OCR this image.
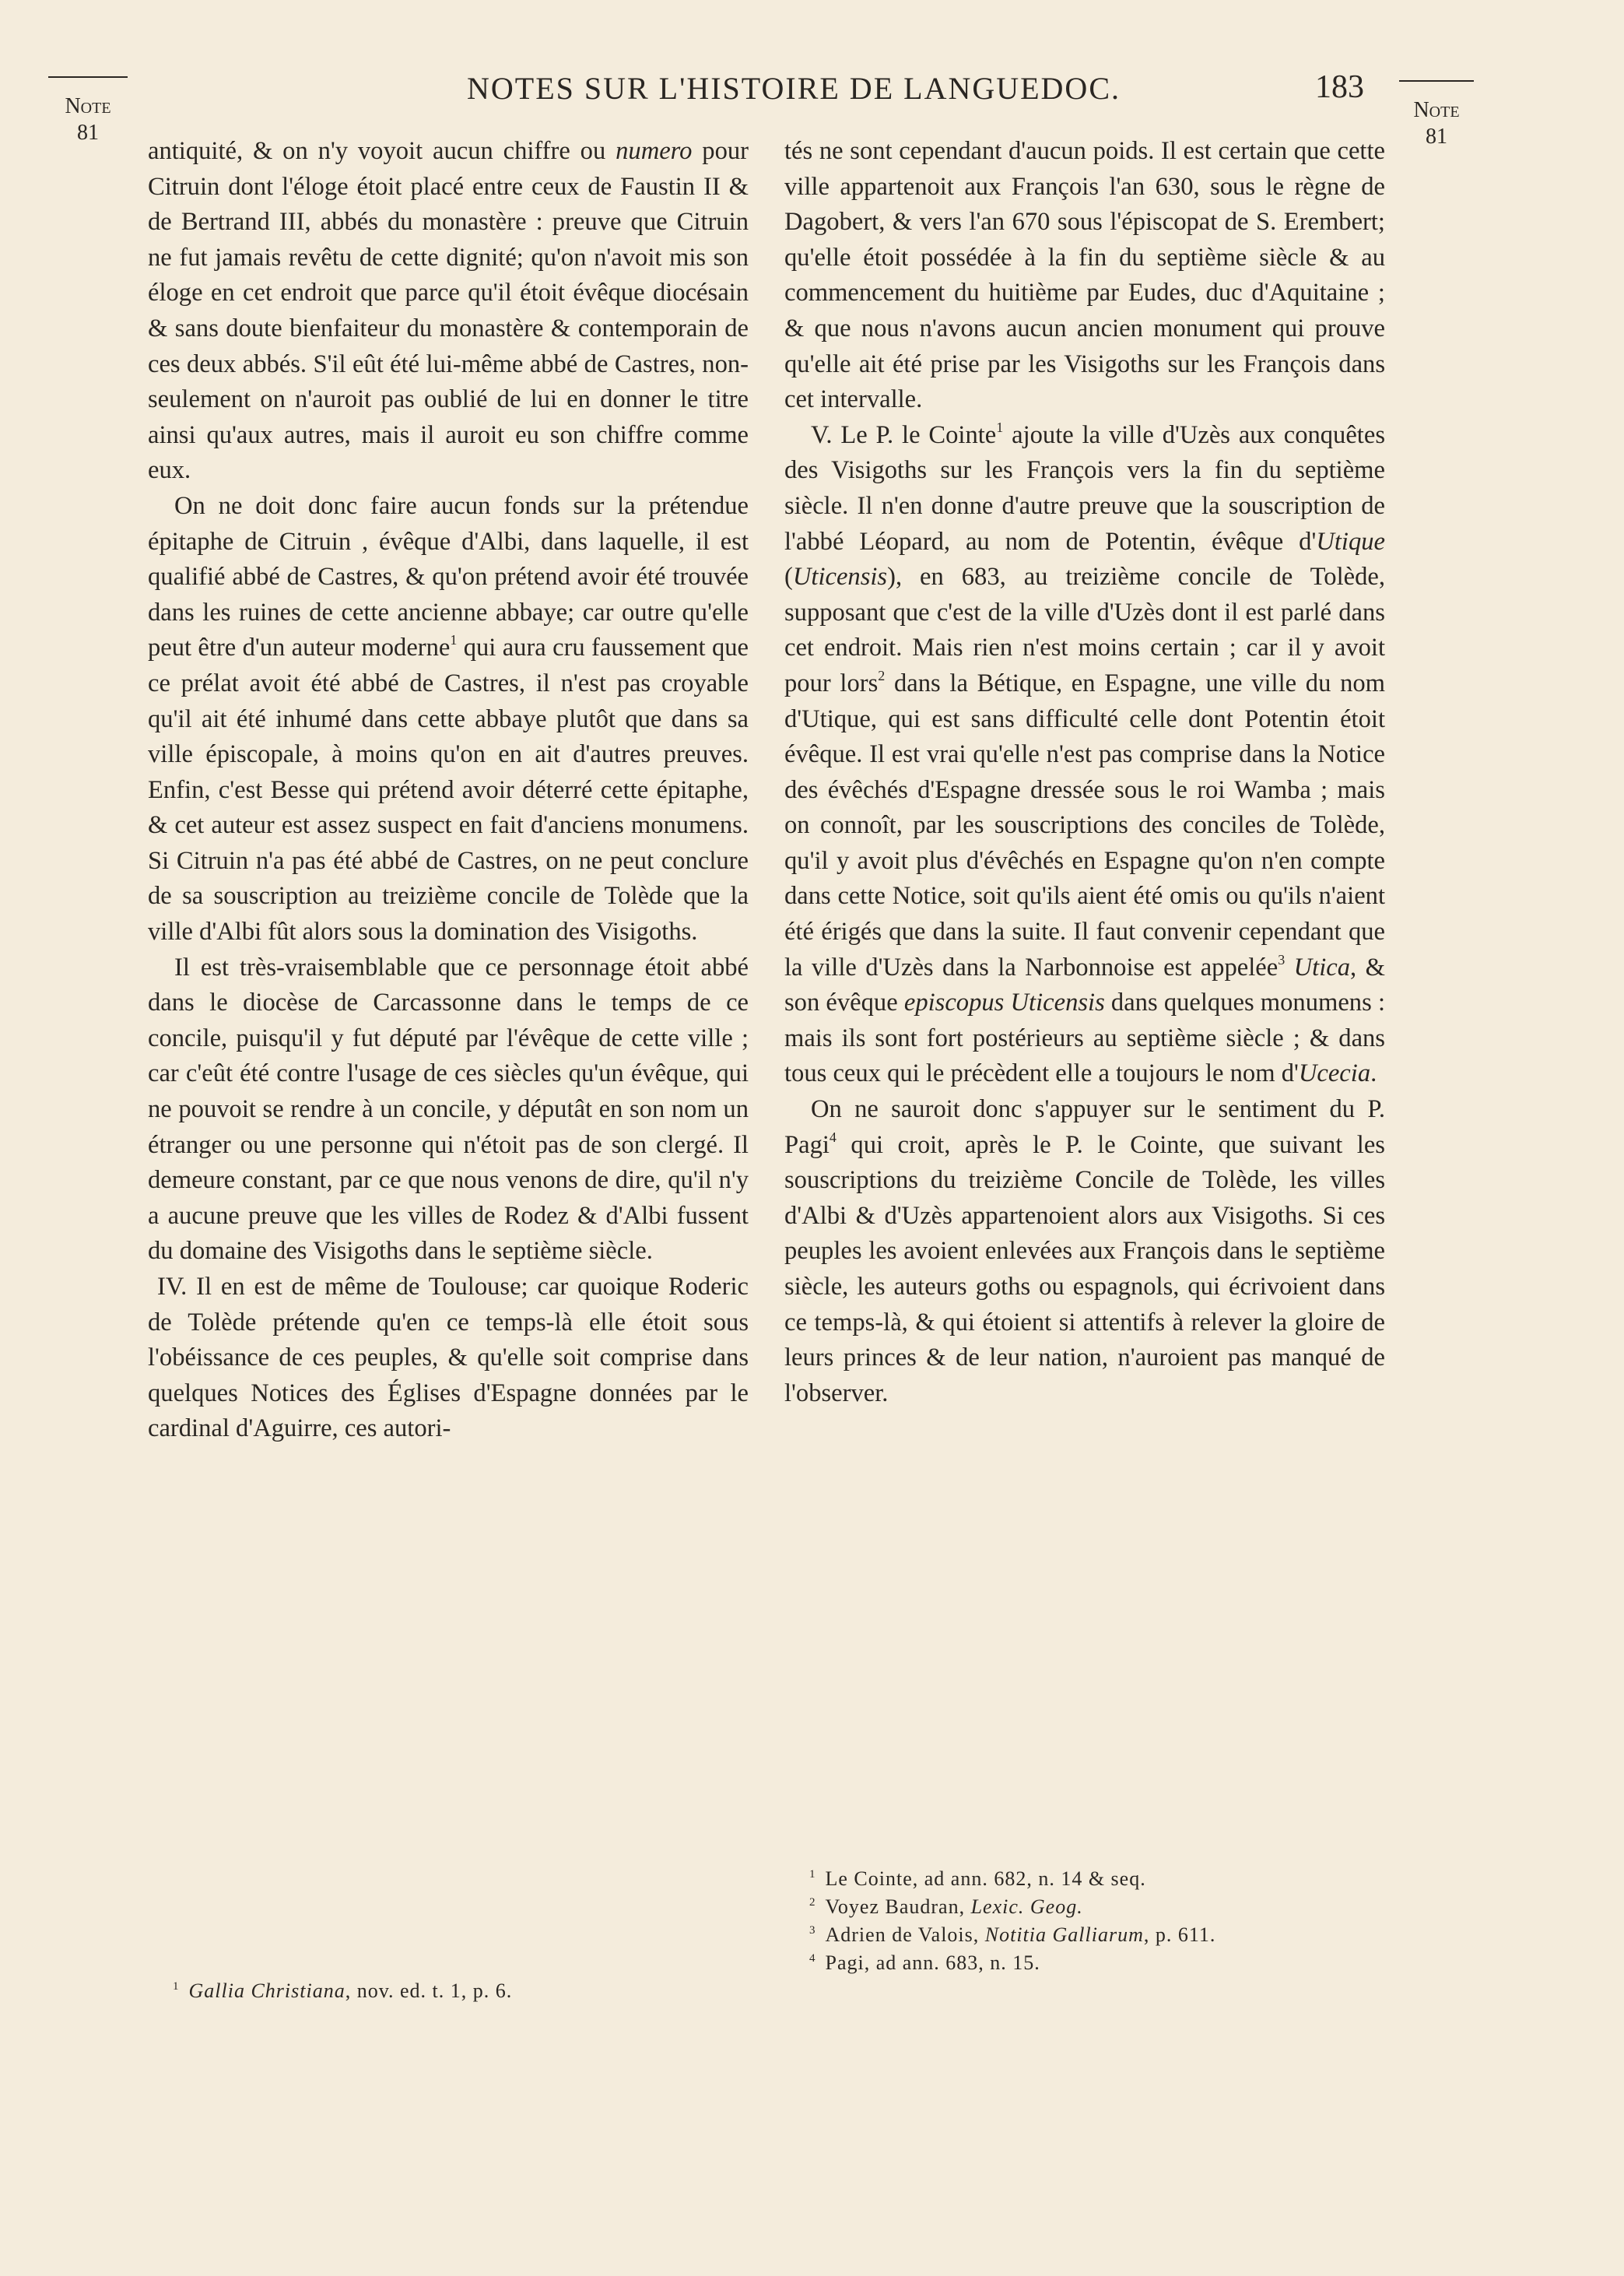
NOTES SUR L'HISTOIRE DE LANGUEDOC.	183
Note
81
Note
81

antiquité, & on n'y voyoit aucun chiffre ou numero pour Citruin dont l'éloge étoit placé entre ceux de Faustin II & de Bertrand III, abbés du monastère : preuve que Citruin ne fut jamais revêtu de cette dignité; qu'on n'avoit mis son éloge en cet endroit que parce qu'il étoit évêque diocésain & sans doute bienfaiteur du monastère & contemporain de ces deux abbés. S'il eût été lui-même abbé de Castres, non-seulement on n'auroit pas oublié de lui en donner le titre ainsi qu'aux autres, mais il auroit eu son chiffre comme eux.

On ne doit donc faire aucun fonds sur la prétendue épitaphe de Citruin , évêque d'Albi, dans laquelle, il est qualifié abbé de Castres, & qu'on prétend avoir été trouvée dans les ruines de cette ancienne abbaye; car outre qu'elle peut être d'un auteur moderne$^1$ qui aura cru faussement que ce prélat avoit été abbé de Castres, il n'est pas croyable qu'il ait été inhumé dans cette abbaye plutôt que dans sa ville épiscopale, à moins qu'on en ait d'autres preuves. Enfin, c'est Besse qui prétend avoir déterré cette épitaphe, & cet auteur est assez suspect en fait d'anciens monumens. Si Citruin n'a pas été abbé de Castres, on ne peut conclure de sa souscription au treizième concile de Tolède que la ville d'Albi fût alors sous la domination des Visigoths.

Il est très-vraisemblable que ce personnage étoit abbé dans le diocèse de Carcassonne dans le temps de ce concile, puisqu'il y fut député par l'évêque de cette ville ; car c'eût été contre l'usage de ces siècles qu'un évêque, qui ne pouvoit se rendre à un concile, y députât en son nom un étranger ou une personne qui n'étoit pas de son clergé. Il demeure constant, par ce que nous venons de dire, qu'il n'y a aucune preuve que les villes de Rodez & d'Albi fussent du domaine des Visigoths dans le septième siècle.

IV. Il en est de même de Toulouse; car quoique Roderic de Tolède prétende qu'en ce temps-là elle étoit sous l'obéissance de ces peuples, & qu'elle soit comprise dans quelques Notices des Églises d'Espagne données par le cardinal d'Aguirre, ces autori-

tés ne sont cependant d'aucun poids. Il est certain que cette ville appartenoit aux François l'an 630, sous le règne de Dagobert, & vers l'an 670 sous l'épiscopat de S. Erembert; qu'elle étoit possédée à la fin du septième siècle & au commencement du huitième par Eudes, duc d'Aquitaine ; & que nous n'avons aucun ancien monument qui prouve qu'elle ait été prise par les Visigoths sur les François dans cet intervalle.

V. Le P. le Cointe$^1$ ajoute la ville d'Uzès aux conquêtes des Visigoths sur les François vers la fin du septième siècle. Il n'en donne d'autre preuve que la souscription de l'abbé Léopard, au nom de Potentin, évêque d'Utique (Uticensis), en 683, au treizième concile de Tolède, supposant que c'est de la ville d'Uzès dont il est parlé dans cet endroit. Mais rien n'est moins certain ; car il y avoit pour lors$^2$ dans la Bétique, en Espagne, une ville du nom d'Utique, qui est sans difficulté celle dont Potentin étoit évêque. Il est vrai qu'elle n'est pas comprise dans la Notice des évêchés d'Espagne dressée sous le roi Wamba ; mais on connoît, par les souscriptions des conciles de Tolède, qu'il y avoit plus d'évêchés en Espagne qu'on n'en compte dans cette Notice, soit qu'ils aient été omis ou qu'ils n'aient été érigés que dans la suite. Il faut convenir cependant que la ville d'Uzès dans la Narbonnoise est appelée$^3$ Utica, & son évêque episcopus Uticensis dans quelques monumens : mais ils sont fort postérieurs au septième siècle ; & dans tous ceux qui le précèdent elle a toujours le nom d'Ucecia.

On ne sauroit donc s'appuyer sur le sentiment du P. Pagi$^4$ qui croit, après le P. le Cointe, que suivant les souscriptions du treizième Concile de Tolède, les villes d'Albi & d'Uzès appartenoient alors aux Visigoths. Si ces peuples les avoient enlevées aux François dans le septième siècle, les auteurs goths ou espagnols, qui écrivoient dans ce temps-là, & qui étoient si attentifs à relever la gloire de leurs princes & de leur nation, n'auroient pas manqué de l'observer.

$^1$ Gallia Christiana, nov. ed. t. 1, p. 6.
$^1$ Le Cointe, ad ann. 682, n. 14 & seq.
$^2$ Voyez Baudran, Lexic. Geog.
$^3$ Adrien de Valois, Notitia Galliarum, p. 611.
$^4$ Pagi, ad ann. 683, n. 15.
